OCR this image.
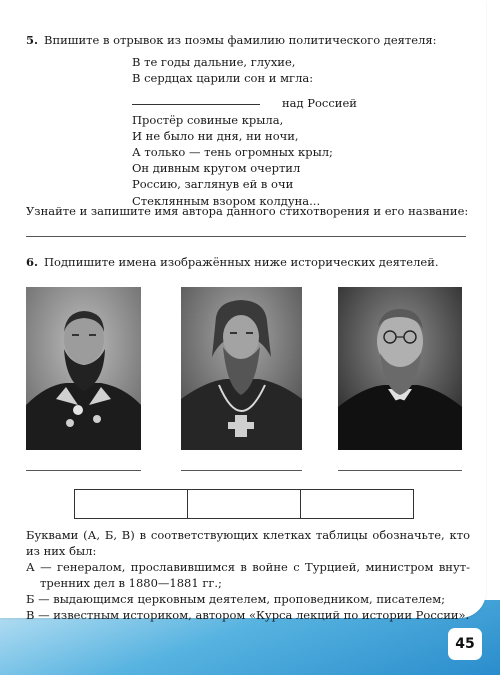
5. Впишите в отрывок из поэмы фамилию политического деятеля:
В те годы дальние, глухие,
В сердцах царили сон и мгла:
над Россией
Простёр совиные крыла,
И не было ни дня, ни ночи,
А только — тень огромных крыл;
Он дивным кругом очертил
Россию, заглянув ей в очи
Стеклянным взором колдуна...
Узнайте и запишите имя автора данного стихотворения и его название:
6. Подпишите имена изображённых ниже исторических деятелей.
Буквами (А, Б, В) в соответствующих клетках таблицы обозначьте, кто
из них был:
А — генералом, прославившимся в войне с Турцией, министром внут-
тренних дел в 1880—1881 гг.;
Б — выдающимся церковным деятелем, проповедником, писателем;
В — известным историком, автором «Курса лекций по истории России».
45
